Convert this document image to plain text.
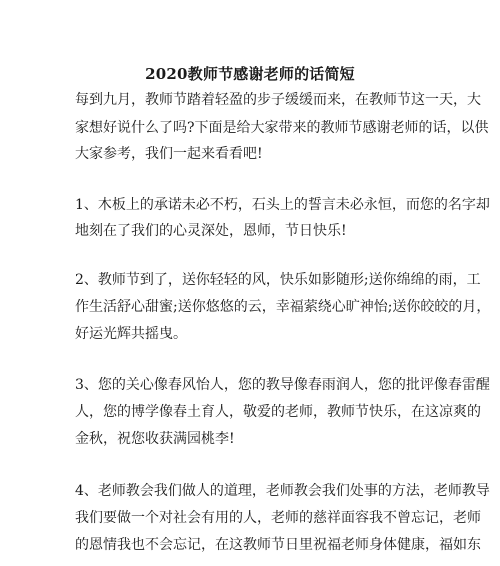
2020教师节感谢老师的话简短
每到九月，教师节踏着轻盈的步子缓缓而来，在教师节这一天，大
家想好说什么了吗?下面是给大家带来的教师节感谢老师的话，以供
大家参考，我们一起来看看吧!
1、木板上的承诺未必不朽，石头上的誓言未必永恒，而您的名字却
地刻在了我们的心灵深处，恩师，节日快乐!
2、教师节到了，送你轻轻的风，快乐如影随形;送你绵绵的雨，工
作生活舒心甜蜜;送你悠悠的云，幸福萦绕心旷神怡;送你皎皎的月，
好运光辉共摇曳。
3、您的关心像春风怡人，您的教导像春雨润人，您的批评像春雷醒
人，您的博学像春土育人，敬爱的老师，教师节快乐，在这凉爽的
金秋，祝您收获满园桃李!
4、老师教会我们做人的道理，老师教会我们处事的方法，老师教导
我们要做一个对社会有用的人，老师的慈祥面容我不曾忘记，老师
的恩情我也不会忘记，在这教师节日里祝福老师身体健康，福如东
